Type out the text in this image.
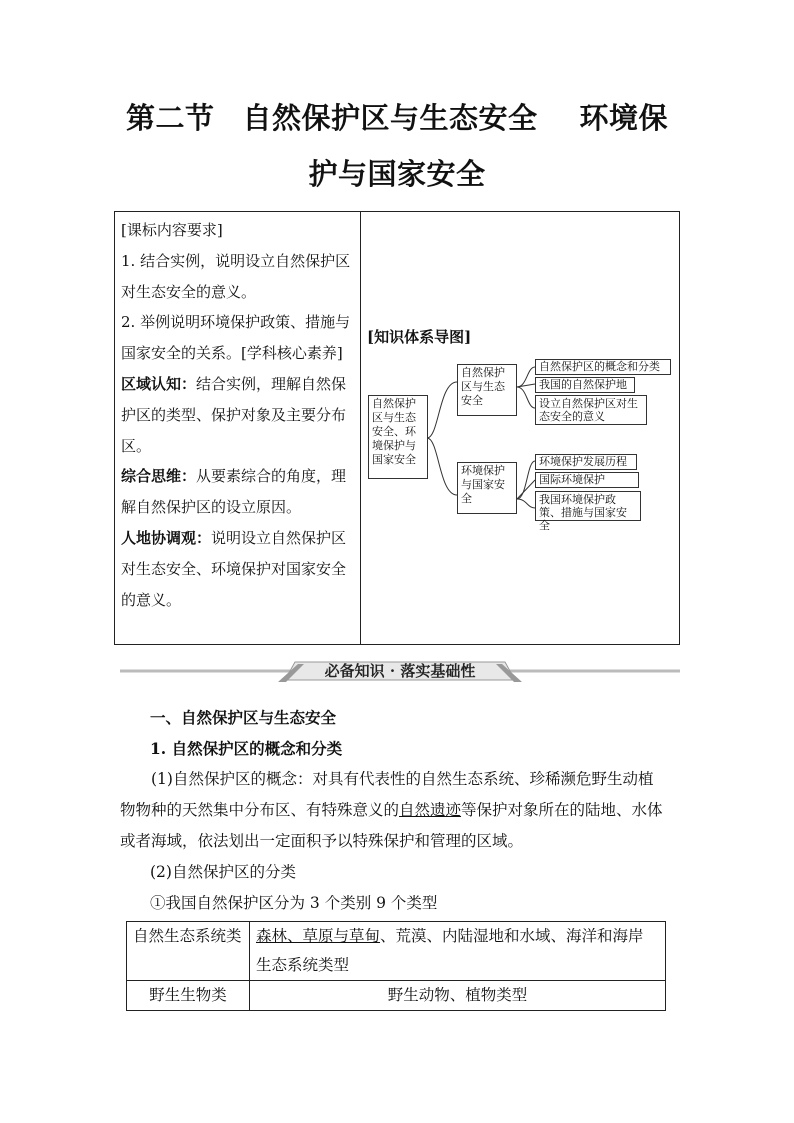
第二节 自然保护区与生态安全 环境保
护与国家安全

[课标内容要求]

1. 结合实例，说明设立自然保护区对生态安全的意义。

2. 举例说明环境保护政策、措施与国家安全的关系。[学科核心素养]

区域认知：结合实例，理解自然保护区的类型、保护对象及主要分布区。

综合思维：从要素综合的角度，理解自然保护区的设立原因。

人地协调观：说明设立自然保护区对生态安全、环境保护对国家安全的意义。

[知识体系导图]
自然保护区与生态安全、环境保护与国家安全
自然保护区与生态安全
环境保护与国家安全
自然保护区的概念和分类
我国的自然保护地
设立自然保护区对生态安全的意义
环境保护发展历程
国际环境保护
我国环境保护政策、措施与国家安全
必备知识 · 落实基础性
一、自然保护区与生态安全
1. 自然保护区的概念和分类
(1)自然保护区的概念：对具有代表性的自然生态系统、珍稀濒危野生动植物物种的天然集中分布区、有特殊意义的自然遗迹等保护对象所在的陆地、水体或者海域，依法划出一定面积予以特殊保护和管理的区域。
(2)自然保护区的分类
①我国自然保护区分为 3 个类别 9 个类型
自然生态系统类	森林、草原与草甸、荒漠、内陆湿地和水域、海洋和海岸生态系统类型
野生生物类	野生动物、植物类型
